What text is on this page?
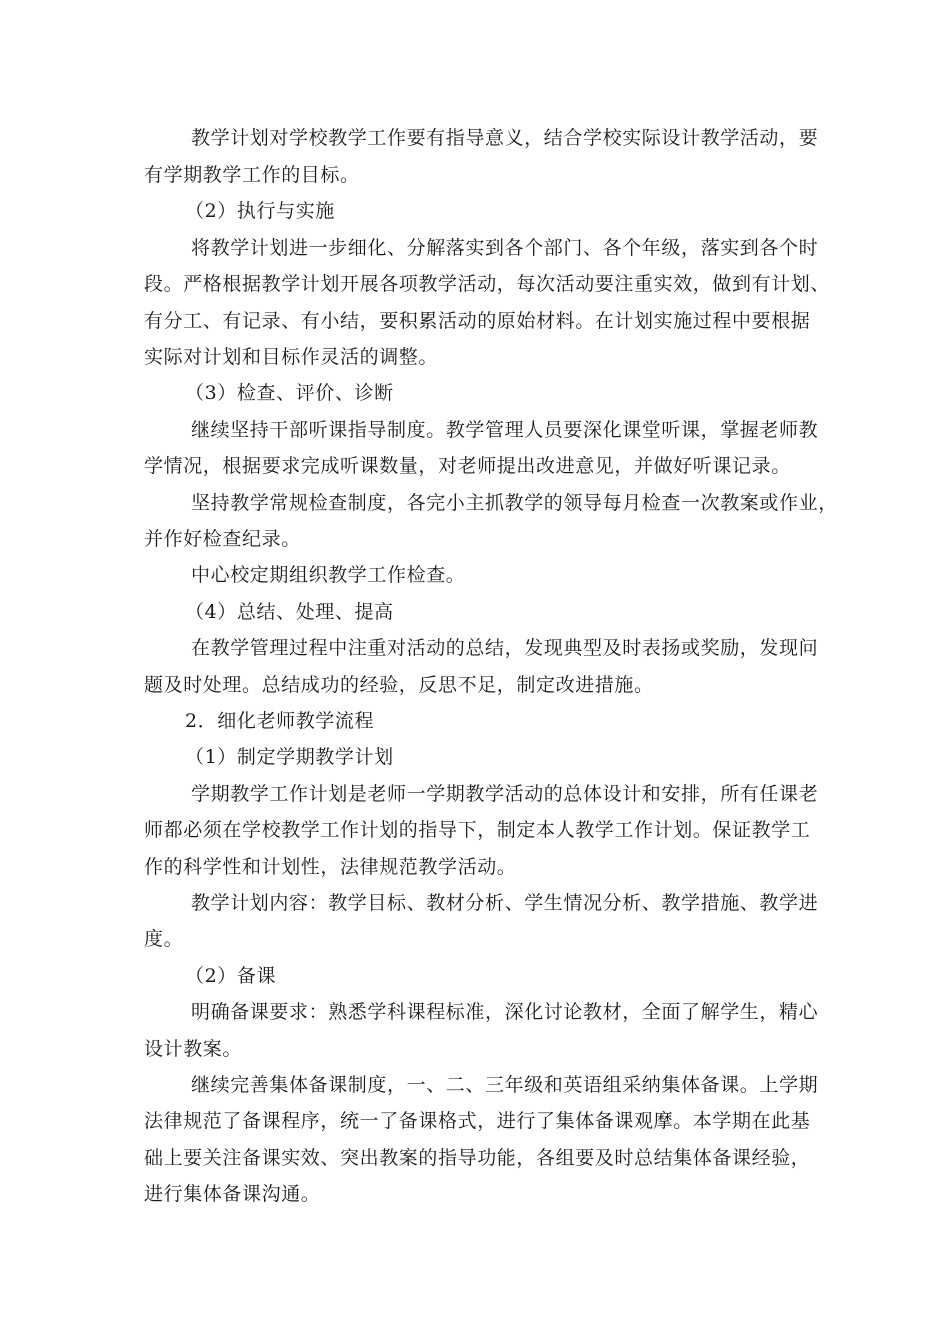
教学计划对学校教学工作要有指导意义，结合学校实际设计教学活动，要
有学期教学工作的目标。
（2）执行与实施
将教学计划进一步细化、分解落实到各个部门、各个年级，落实到各个时
段。严格根据教学计划开展各项教学活动，每次活动要注重实效，做到有计划、
有分工、有记录、有小结，要积累活动的原始材料。在计划实施过程中要根据
实际对计划和目标作灵活的调整。
（3）检查、评价、诊断
继续坚持干部听课指导制度。教学管理人员要深化课堂听课，掌握老师教
学情况，根据要求完成听课数量，对老师提出改进意见，并做好听课记录。
坚持教学常规检查制度，各完小主抓教学的领导每月检查一次教案或作业，
并作好检查纪录。
中心校定期组织教学工作检查。
（4）总结、处理、提高
在教学管理过程中注重对活动的总结，发现典型及时表扬或奖励，发现问
题及时处理。总结成功的经验，反思不足，制定改进措施。
2．细化老师教学流程
（1）制定学期教学计划
学期教学工作计划是老师一学期教学活动的总体设计和安排，所有任课老
师都必须在学校教学工作计划的指导下，制定本人教学工作计划。保证教学工
作的科学性和计划性，法律规范教学活动。
教学计划内容：教学目标、教材分析、学生情况分析、教学措施、教学进
度。
（2）备课
明确备课要求：熟悉学科课程标准，深化讨论教材，全面了解学生，精心
设计教案。
继续完善集体备课制度，一、二、三年级和英语组采纳集体备课。上学期
法律规范了备课程序，统一了备课格式，进行了集体备课观摩。本学期在此基
础上要关注备课实效、突出教案的指导功能，各组要及时总结集体备课经验，
进行集体备课沟通。
